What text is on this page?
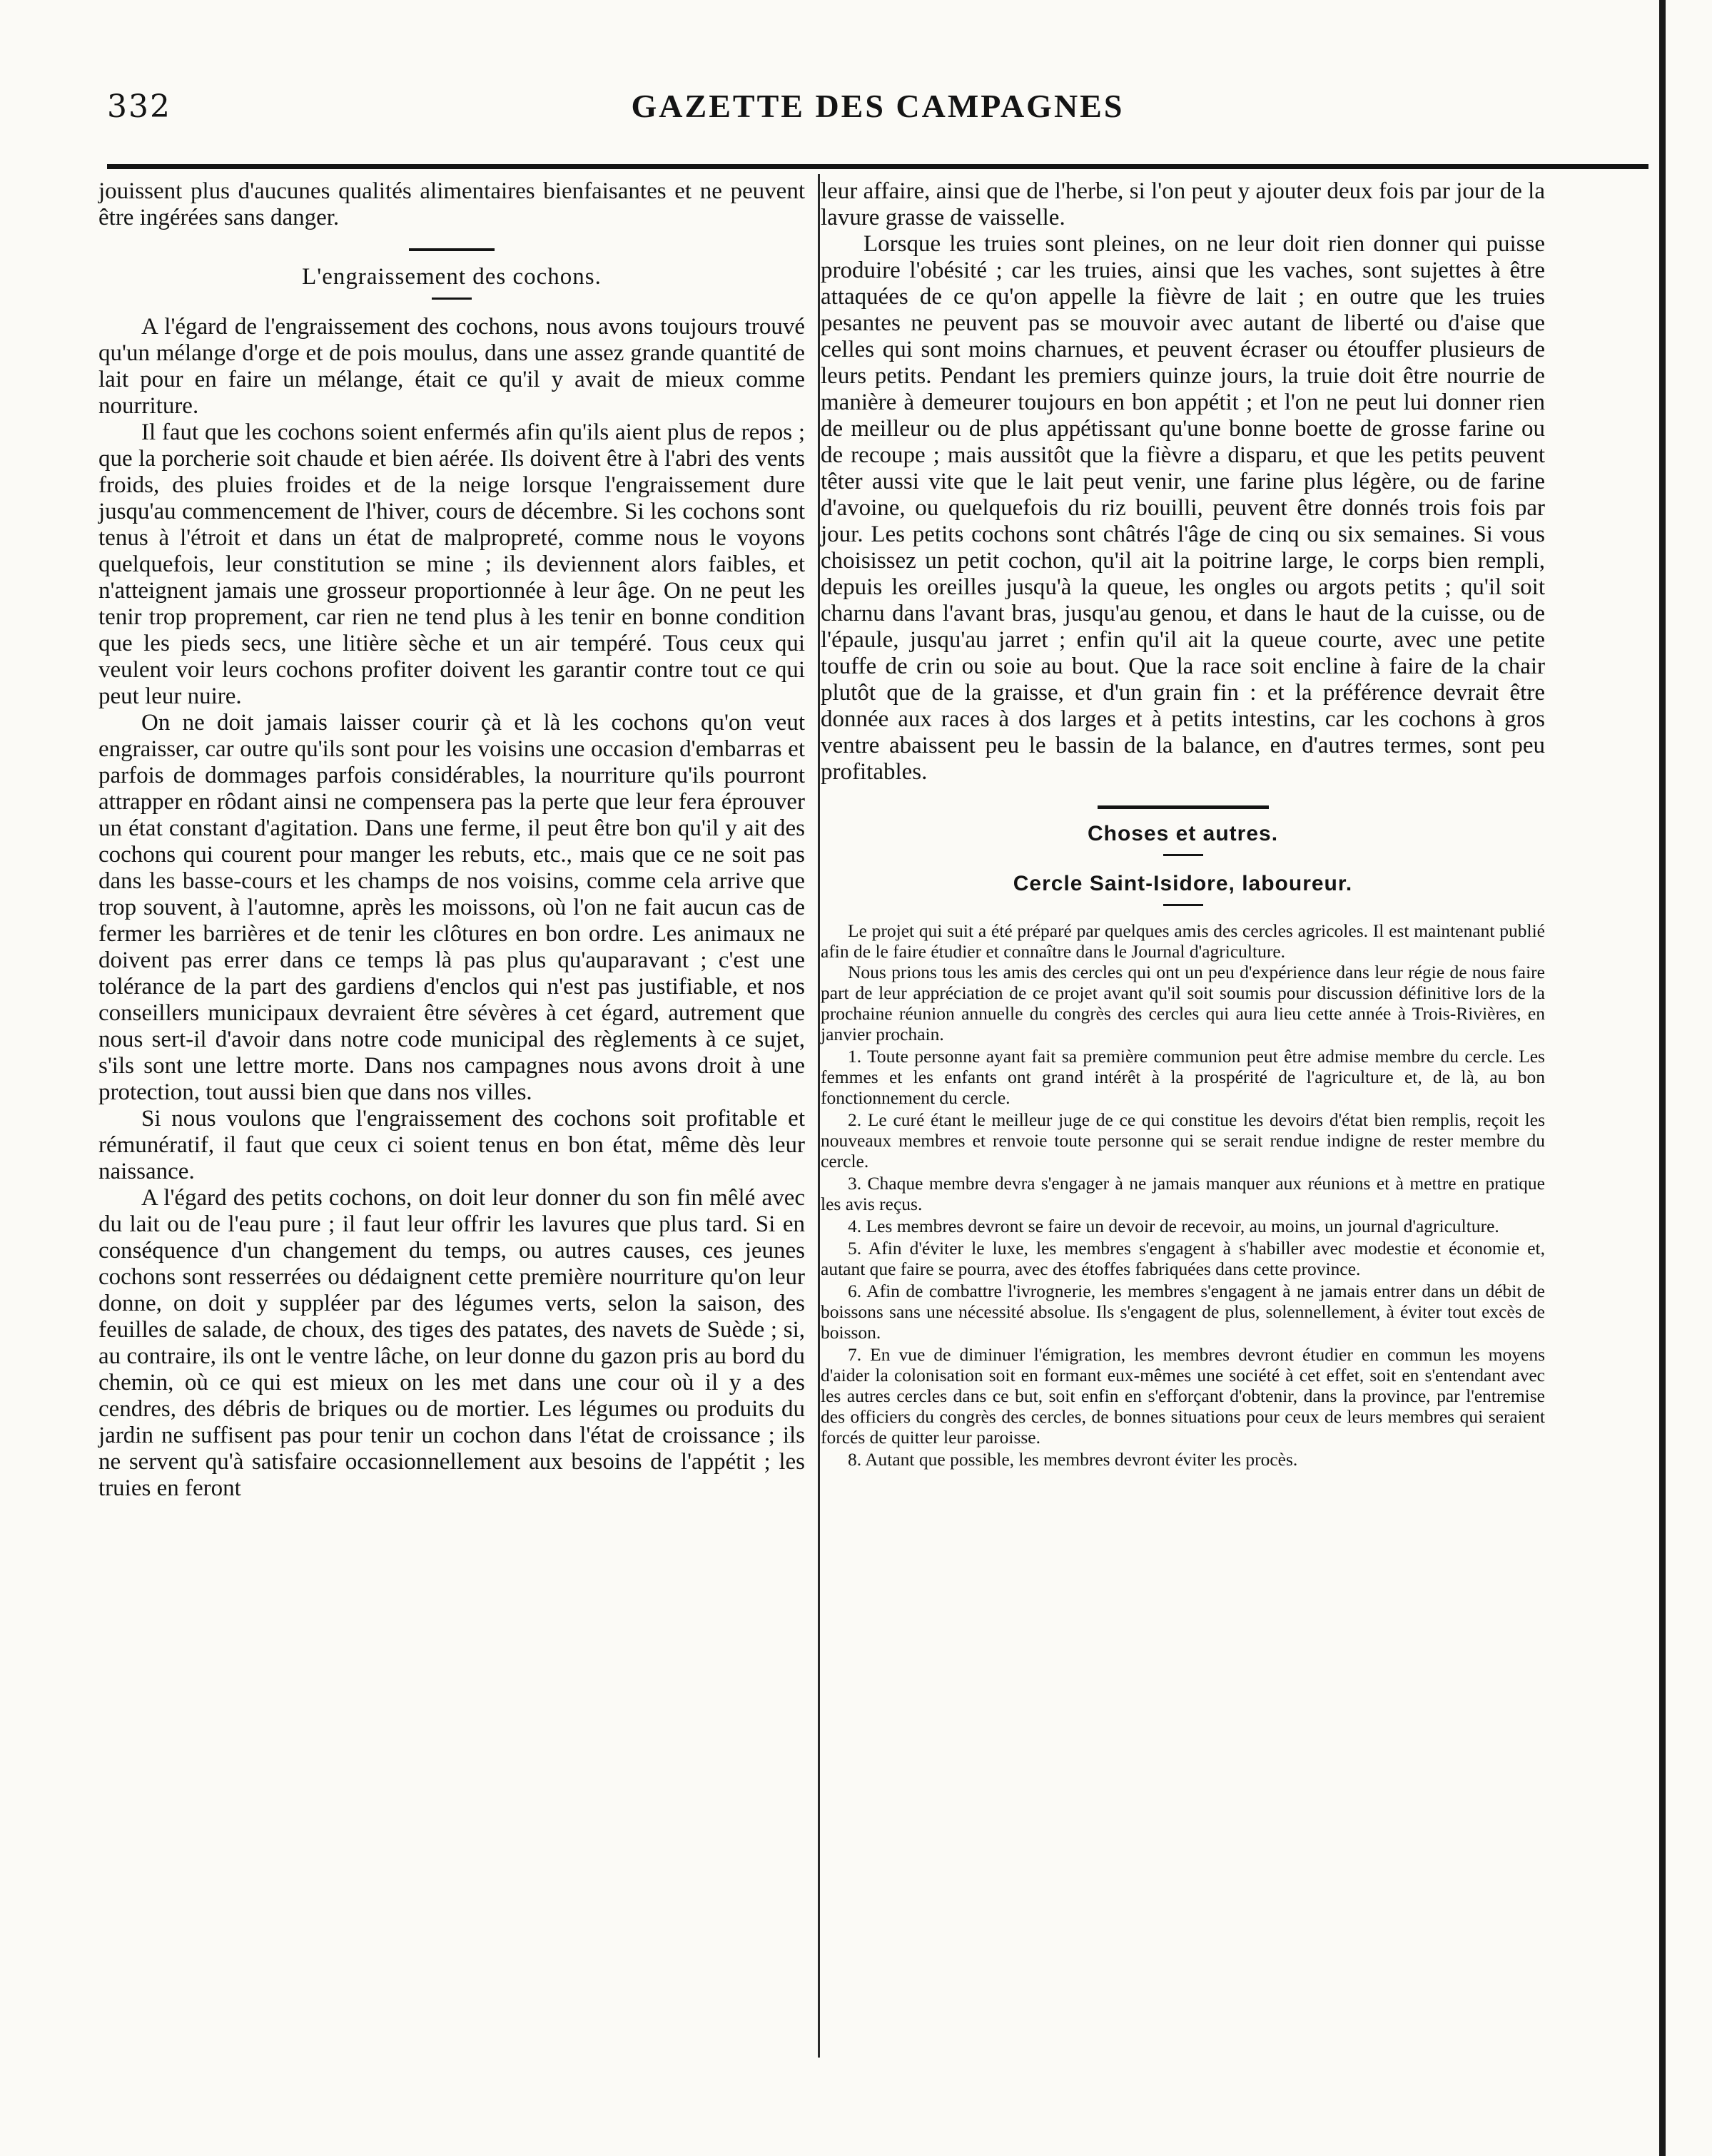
332	GAZETTE DES CAMPAGNES

jouissent plus d'aucunes qualités alimentaires bienfaisantes et ne peuvent être ingérées sans danger.

L'engraissement des cochons.

A l'égard de l'engraissement des cochons, nous avons toujours trouvé qu'un mélange d'orge et de pois moulus, dans une assez grande quantité de lait pour en faire un mélange, était ce qu'il y avait de mieux comme nourriture.

Il faut que les cochons soient enfermés afin qu'ils aient plus de repos ; que la porcherie soit chaude et bien aérée. Ils doivent être à l'abri des vents froids, des pluies froides et de la neige lorsque l'engraissement dure jusqu'au commencement de l'hiver, cours de décembre. Si les cochons sont tenus à l'étroit et dans un état de malpropreté, comme nous le voyons quelquefois, leur constitution se mine ; ils deviennent alors faibles, et n'atteignent jamais une grosseur proportionnée à leur âge. On ne peut les tenir trop proprement, car rien ne tend plus à les tenir en bonne condition que les pieds secs, une litière sèche et un air tempéré. Tous ceux qui veulent voir leurs cochons profiter doivent les garantir contre tout ce qui peut leur nuire.

On ne doit jamais laisser courir çà et là les cochons qu'on veut engraisser, car outre qu'ils sont pour les voisins une occasion d'embarras et parfois de dommages parfois considérables, la nourriture qu'ils pourront attrapper en rôdant ainsi ne compensera pas la perte que leur fera éprouver un état constant d'agitation. Dans une ferme, il peut être bon qu'il y ait des cochons qui courent pour manger les rebuts, etc., mais que ce ne soit pas dans les basse-cours et les champs de nos voisins, comme cela arrive que trop souvent, à l'automne, après les moissons, où l'on ne fait aucun cas de fermer les barrières et de tenir les clôtures en bon ordre. Les animaux ne doivent pas errer dans ce temps là pas plus qu'auparavant ; c'est une tolérance de la part des gardiens d'enclos qui n'est pas justifiable, et nos conseillers municipaux devraient être sévères à cet égard, autrement que nous sert-il d'avoir dans notre code municipal des règlements à ce sujet, s'ils sont une lettre morte. Dans nos campagnes nous avons droit à une protection, tout aussi bien que dans nos villes.

Si nous voulons que l'engraissement des cochons soit profitable et rémunératif, il faut que ceux ci soient tenus en bon état, même dès leur naissance.

A l'égard des petits cochons, on doit leur donner du son fin mêlé avec du lait ou de l'eau pure ; il faut leur offrir les lavures que plus tard. Si en conséquence d'un changement du temps, ou autres causes, ces jeunes cochons sont resserrées ou dédaignent cette première nourriture qu'on leur donne, on doit y suppléer par des légumes verts, selon la saison, des feuilles de salade, de choux, des tiges des patates, des navets de Suède ; si, au contraire, ils ont le ventre lâche, on leur donne du gazon pris au bord du chemin, où ce qui est mieux on les met dans une cour où il y a des cendres, des débris de briques ou de mortier. Les légumes ou produits du jardin ne suffisent pas pour tenir un cochon dans l'état de croissance ; ils ne servent qu'à satisfaire occasionnellement aux besoins de l'appétit ; les truies en feront

leur affaire, ainsi que de l'herbe, si l'on peut y ajouter deux fois par jour de la lavure grasse de vaisselle.

Lorsque les truies sont pleines, on ne leur doit rien donner qui puisse produire l'obésité ; car les truies, ainsi que les vaches, sont sujettes à être attaquées de ce qu'on appelle la fièvre de lait ; en outre que les truies pesantes ne peuvent pas se mouvoir avec autant de liberté ou d'aise que celles qui sont moins charnues, et peuvent écraser ou étouffer plusieurs de leurs petits. Pendant les premiers quinze jours, la truie doit être nourrie de manière à demeurer toujours en bon appétit ; et l'on ne peut lui donner rien de meilleur ou de plus appétissant qu'une bonne boette de grosse farine ou de recoupe ; mais aussitôt que la fièvre a disparu, et que les petits peuvent têter aussi vite que le lait peut venir, une farine plus légère, ou de farine d'avoine, ou quelquefois du riz bouilli, peuvent être donnés trois fois par jour. Les petits cochons sont châtrés l'âge de cinq ou six semaines. Si vous choisissez un petit cochon, qu'il ait la poitrine large, le corps bien rempli, depuis les oreilles jusqu'à la queue, les ongles ou argots petits ; qu'il soit charnu dans l'avant bras, jusqu'au genou, et dans le haut de la cuisse, ou de l'épaule, jusqu'au jarret ; enfin qu'il ait la queue courte, avec une petite touffe de crin ou soie au bout. Que la race soit encline à faire de la chair plutôt que de la graisse, et d'un grain fin : et la préférence devrait être donnée aux races à dos larges et à petits intestins, car les cochons à gros ventre abaissent peu le bassin de la balance, en d'autres termes, sont peu profitables.

Choses et autres.
Cercle Saint-Isidore, laboureur.

Le projet qui suit a été préparé par quelques amis des cercles agricoles. Il est maintenant publié afin de le faire étudier et connaître dans le Journal d'agriculture.

Nous prions tous les amis des cercles qui ont un peu d'expérience dans leur régie de nous faire part de leur appréciation de ce projet avant qu'il soit soumis pour discussion définitive lors de la prochaine réunion annuelle du congrès des cercles qui aura lieu cette année à Trois-Rivières, en janvier prochain.

1. Toute personne ayant fait sa première communion peut être admise membre du cercle. Les femmes et les enfants ont grand intérêt à la prospérité de l'agriculture et, de là, au bon fonctionnement du cercle.

2. Le curé étant le meilleur juge de ce qui constitue les devoirs d'état bien remplis, reçoit les nouveaux membres et renvoie toute personne qui se serait rendue indigne de rester membre du cercle.

3. Chaque membre devra s'engager à ne jamais manquer aux réunions et à mettre en pratique les avis reçus.

4. Les membres devront se faire un devoir de recevoir, au moins, un journal d'agriculture.

5. Afin d'éviter le luxe, les membres s'engagent à s'habiller avec modestie et économie et, autant que faire se pourra, avec des étoffes fabriquées dans cette province.

6. Afin de combattre l'ivrognerie, les membres s'engagent à ne jamais entrer dans un débit de boissons sans une nécessité absolue. Ils s'engagent de plus, solennellement, à éviter tout excès de boisson.

7. En vue de diminuer l'émigration, les membres devront étudier en commun les moyens d'aider la colonisation soit en formant eux-mêmes une société à cet effet, soit en s'entendant avec les autres cercles dans ce but, soit enfin en s'efforçant d'obtenir, dans la province, par l'entremise des officiers du congrès des cercles, de bonnes situations pour ceux de leurs membres qui seraient forcés de quitter leur paroisse.

8. Autant que possible, les membres devront éviter les procès.
